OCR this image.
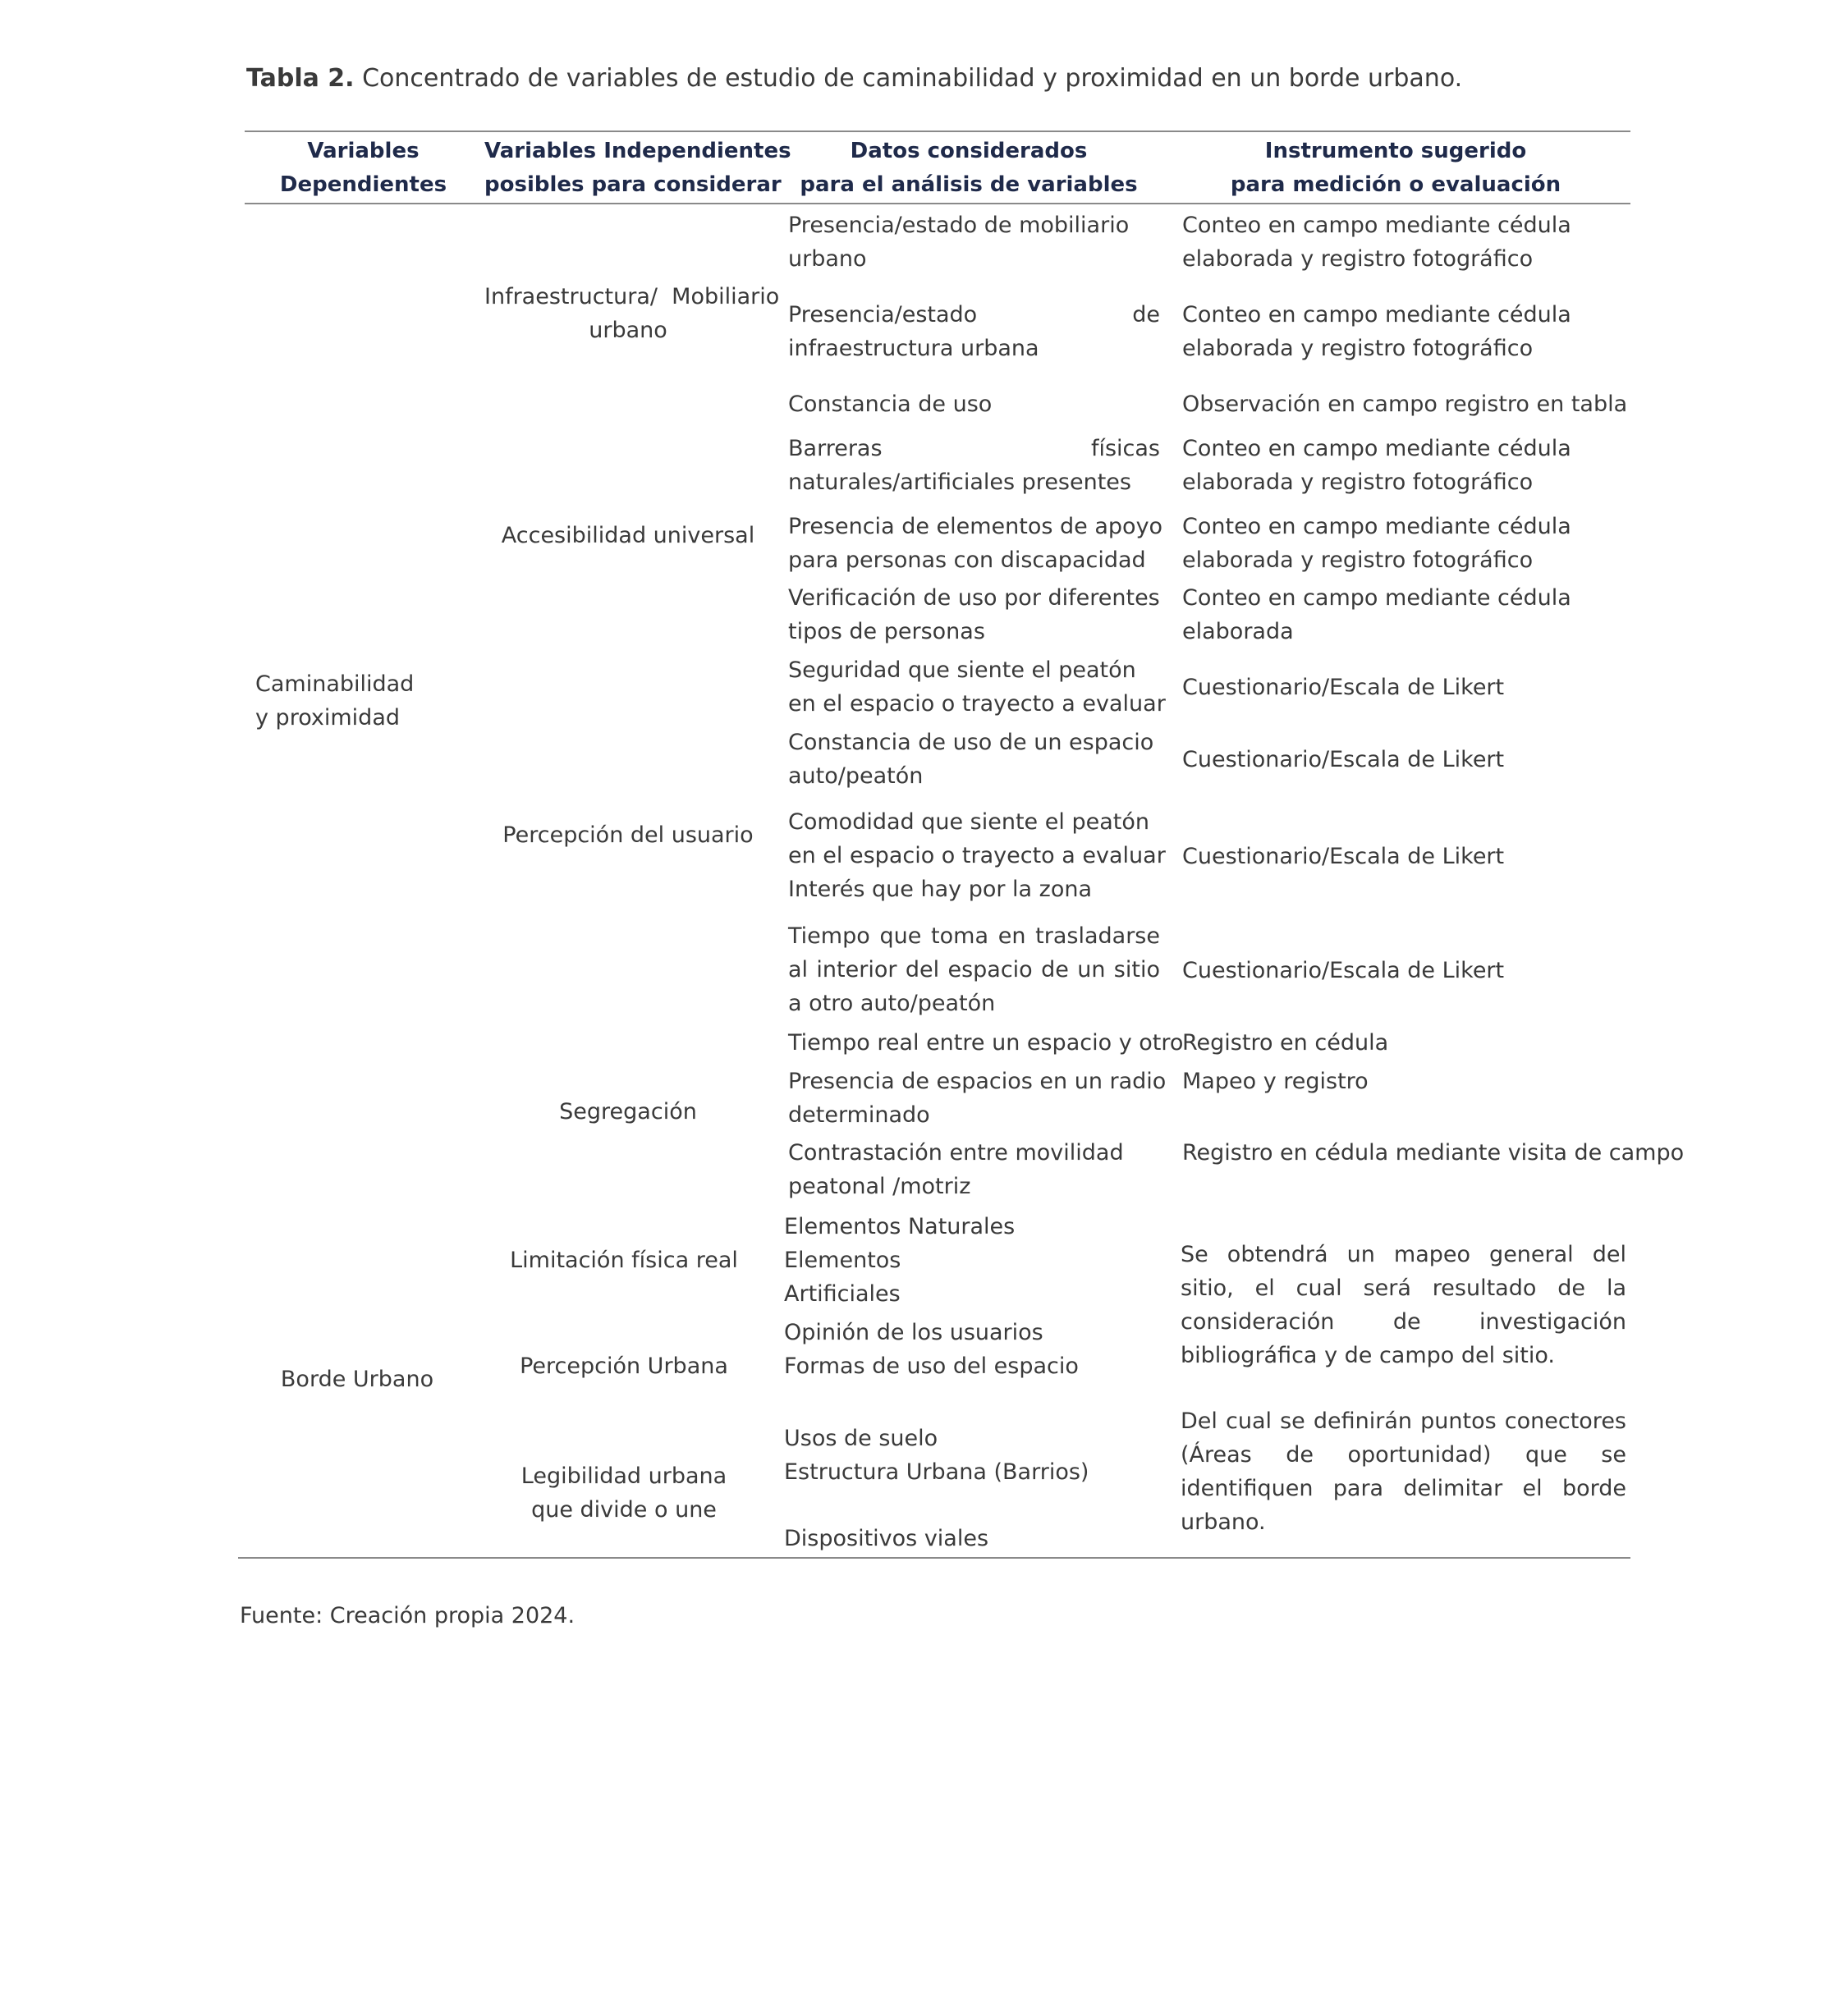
Tabla 2. Concentrado de variables de estudio de caminabilidad y proximidad en un borde urbano.
Variables
Dependientes
Variables Independientes
posibles para considerar
Datos considerados
para el análisis de variables
Instrumento sugerido
para medición o evaluación
Caminabilidad
y proximidad
Borde Urbano
Infraestructura/  Mobiliario
urbano
Accesibilidad universal
Percepción del usuario
Segregación
Limitación física real
Percepción Urbana
Legibilidad urbana
que divide o une
Presencia/estado de mobiliario
urbano
Presencia/estado de infraestructura urbana
Constancia de uso
Barreras físicas naturales/artificiales presentes
Presencia de elementos de apoyo
para personas con discapacidad
Verificación de uso por diferentes
tipos de personas
Seguridad que siente el peatón
en el espacio o trayecto a evaluar
Constancia de uso de un espacio
auto/peatón
Comodidad que siente el peatón
en el espacio o trayecto a evaluar
Interés que hay por la zona
Tiempo que toma en trasladarse al interior del espacio de un sitio a otro auto/peatón
Tiempo real entre un espacio y otro
Presencia de espacios en un radio
determinado
Contrastación entre movilidad
peatonal /motriz
Elementos Naturales
Elementos
Artificiales
Opinión de los usuarios
Formas de uso del espacio
Usos de suelo
Estructura Urbana (Barrios)
Dispositivos viales
Conteo en campo mediante cédula
elaborada y registro fotográfico
Conteo en campo mediante cédula
elaborada y registro fotográfico
Observación en campo registro en tabla
Conteo en campo mediante cédula
elaborada y registro fotográfico
Conteo en campo mediante cédula
elaborada y registro fotográfico
Conteo en campo mediante cédula
elaborada
Cuestionario/Escala de Likert
Cuestionario/Escala de Likert
Cuestionario/Escala de Likert
Cuestionario/Escala de Likert
Registro en cédula
Mapeo y registro
Registro en cédula mediante visita de campo
Se obtendrá un mapeo general del sitio, el cual será resultado de la consideración de investigación bibliográfica y de campo del sitio.
Del cual se definirán puntos conectores (Áreas de oportunidad) que se identifiquen para delimitar el borde urbano.
Fuente: Creación propia 2024.
